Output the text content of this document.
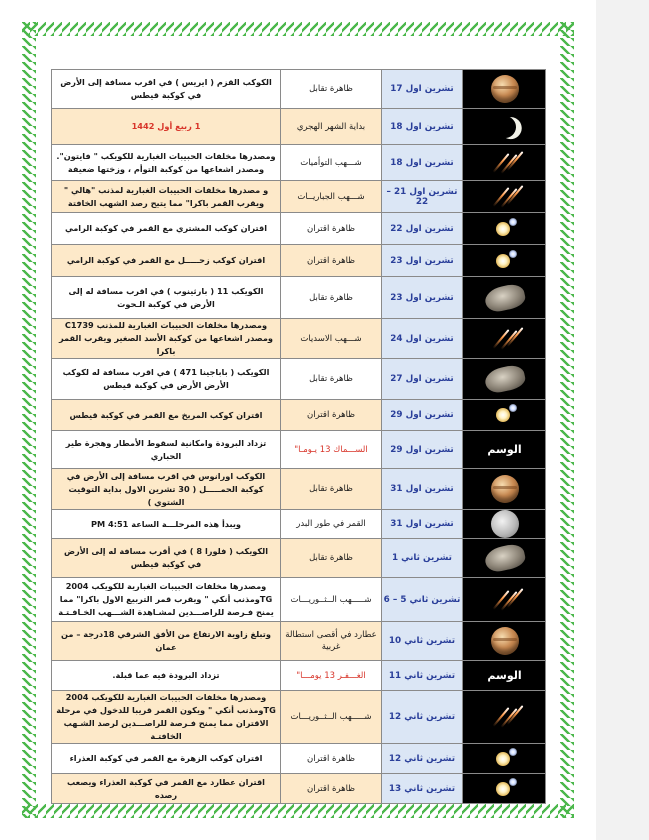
الكوكب القزم ( ايريس ) في اقرب مسافة إلى الأرض في كوكبة قيطس	ظاهرة تقابل	تشرين اول 17	

1 ربيع أول 1442	بداية الشهر الهجري	تشرين اول 18	

ومصدرها مخلفات الحبيبات الغبارية للكويكب " فايتون". ومصدر اشعاعها من كوكبة التوأم ، وزختها ضعيفة	شـــهب التوأميات	تشرين اول 18	

و مصدرها مخلفات الحبيبات الغبارية لمذنب "هالي " ويقرب القمر باكرا" مما يتيح رصد الشهب الخافتة	شـــهب الجباريــات	تشرين اول 21 – 22	

اقتران كوكب المشتري مع القمر في كوكبة الرامي	ظاهرة اقتران	تشرين اول 22	

اقتران كوكب زحـــــل مع القمر في كوكبة الرامي	ظاهرة اقتران	تشرين اول 23	

الكويكب 11 ( بارثينوب ) في اقرب مسافة له إلى الأرض في كوكبة الـحوت	ظاهرة تقابل	تشرين اول 23	

ومصدرها مخلفات الحبيبات الغبارية للمذنب C1739 ومصدر اشعاعها من كوكبة الأسد الصغير ويقرب القمر باكرا	شـــهب الاسديات	تشرين اول 24	

الكويكب ( باباجينا 471 ) في اقرب مسافة له لكوكب الأرض الأرض في كوكبة قيطس	ظاهرة تقابل	تشرين اول 27	

اقتران كوكب المريخ مع القمر في كوكبة قيطس	ظاهرة اقتران	تشرين اول 29	

تزداد البرودة وامكانية لسقوط الأمطار وهجرة طير الحباري	الســـماك 13 يـومـا"	تشرين اول 29	الوسم

الكوكب اورانوس في اقرب مسافة إلى الأرض في كوكبة الحمـــــل ( 30 تشرين الاول بداية التوقيت الشتوي )	ظاهرة تقابل	تشرين اول 31	

ويبدأ هذه المرحلـــة الساعة 4:51 PM	القمر في طور البدر	تشرين اول 31	

الكويكب ( فلورا 8 ) في أقرب مسافة له إلى الأرض في كوكبة قيطس	ظاهرة تقابل	تشرين ثاني 1	

ومصدرها مخلفات الحبيبات الغبارية للكويكب 2004 TGومذنب أنكي " ويقرب قمر التربيع الاول باكرا" مما يمنح فـرصة للراصـــدين لمشـاهدة الشـــهب الخـافـتـة	شـــــهب الــثــوريـــات	تشرين ثاني 5 – 6	

وتبلغ زاوية الارتفاع من الأفق الشرقي 18درجة – من عمان	عطارد في أقصى استطالة غربية	تشرين ثاني 10	

تزداد البرودة فيه عما قبلة.	الغـــفـر 13 يومـــا"	تشرين ثاني 11	الوسم

ومصدرها مخلفات الحبيبات الغبارية للكويكب 2004 TGومذنب أنكي " ويكون القمر قريبا للدخول في مرحلة الاقتران مما يمنح فـرصة للراصـــدين لرصد الشـهب الخافتـة	شـــــهب الــثــوريـــات	تشرين ثاني 12	

اقتران كوكب الزهرة مع القمر في كوكبة العذراء	ظاهرة اقتران	تشرين ثاني 12	

اقتران عطارد مع القمر في كوكبة العذراء ويصعب رصده	ظاهرة اقتران	تشرين ثاني 13	
